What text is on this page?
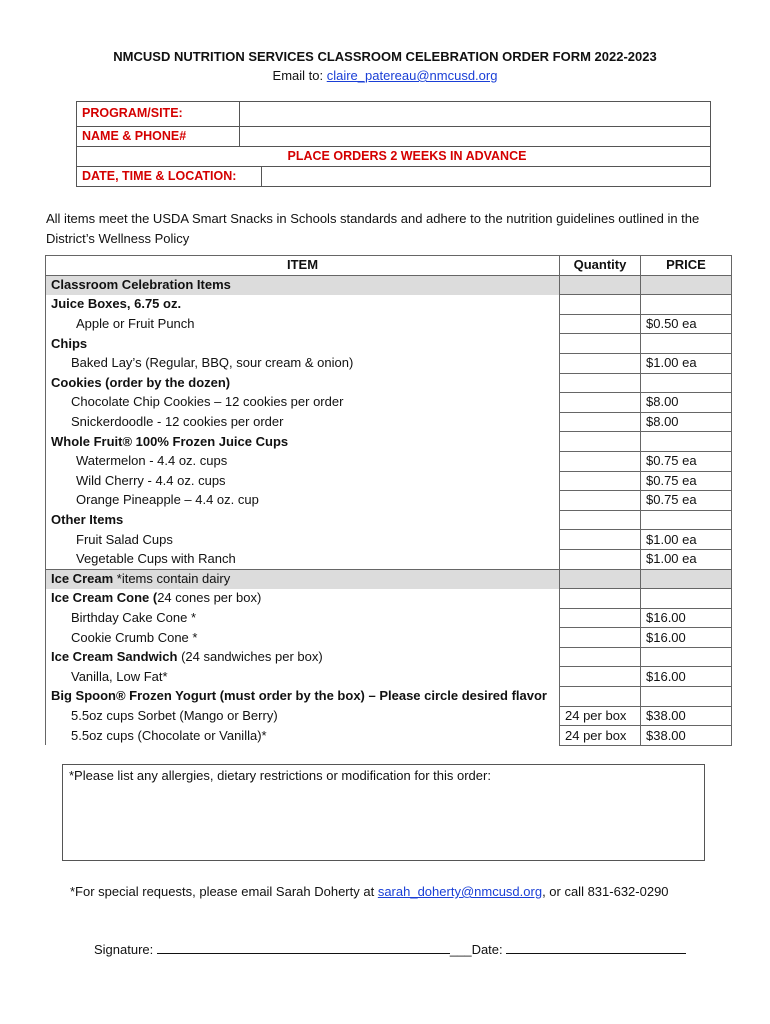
NMCUSD NUTRITION SERVICES CLASSROOM CELEBRATION ORDER FORM 2022-2023
Email to: claire_patereau@nmcusd.org
PROGRAM/SITE:
NAME & PHONE#
PLACE ORDERS 2 WEEKS IN ADVANCE
DATE, TIME & LOCATION:
All items meet the USDA Smart Snacks in Schools standards and adhere to the nutrition guidelines outlined in the District’s Wellness Policy
ITEM	Quantity	PRICE
Classroom Celebration Items		
Juice Boxes, 6.75 oz.		
Apple or Fruit Punch		$0.50 ea
Chips		
Baked Lay’s (Regular, BBQ, sour cream & onion)		$1.00 ea
Cookies (order by the dozen)		
Chocolate Chip Cookies – 12 cookies per order		$8.00
Snickerdoodle - 12 cookies per order		$8.00
Whole Fruit® 100% Frozen Juice Cups		
Watermelon - 4.4 oz. cups		$0.75 ea
Wild Cherry - 4.4 oz. cups		$0.75 ea
Orange Pineapple – 4.4 oz. cup		$0.75 ea
Other Items		
Fruit Salad Cups		$1.00 ea
Vegetable Cups with Ranch		$1.00 ea
Ice Cream *items contain dairy		
Ice Cream Cone (24 cones per box)		
Birthday Cake Cone *		$16.00
Cookie Crumb Cone *		$16.00
Ice Cream Sandwich (24 sandwiches per box)		
Vanilla, Low Fat*		$16.00
Big Spoon® Frozen Yogurt (must order by the box) – Please circle desired flavor		
5.5oz cups Sorbet (Mango or Berry)	24 per box	$38.00
5.5oz cups (Chocolate or Vanilla)*	24 per box	$38.00
*Please list any allergies, dietary restrictions or modification for this order:
*For special requests, please email Sarah Doherty at sarah_doherty@nmcusd.org, or call 831-632-0290
Signature:	___Date:
